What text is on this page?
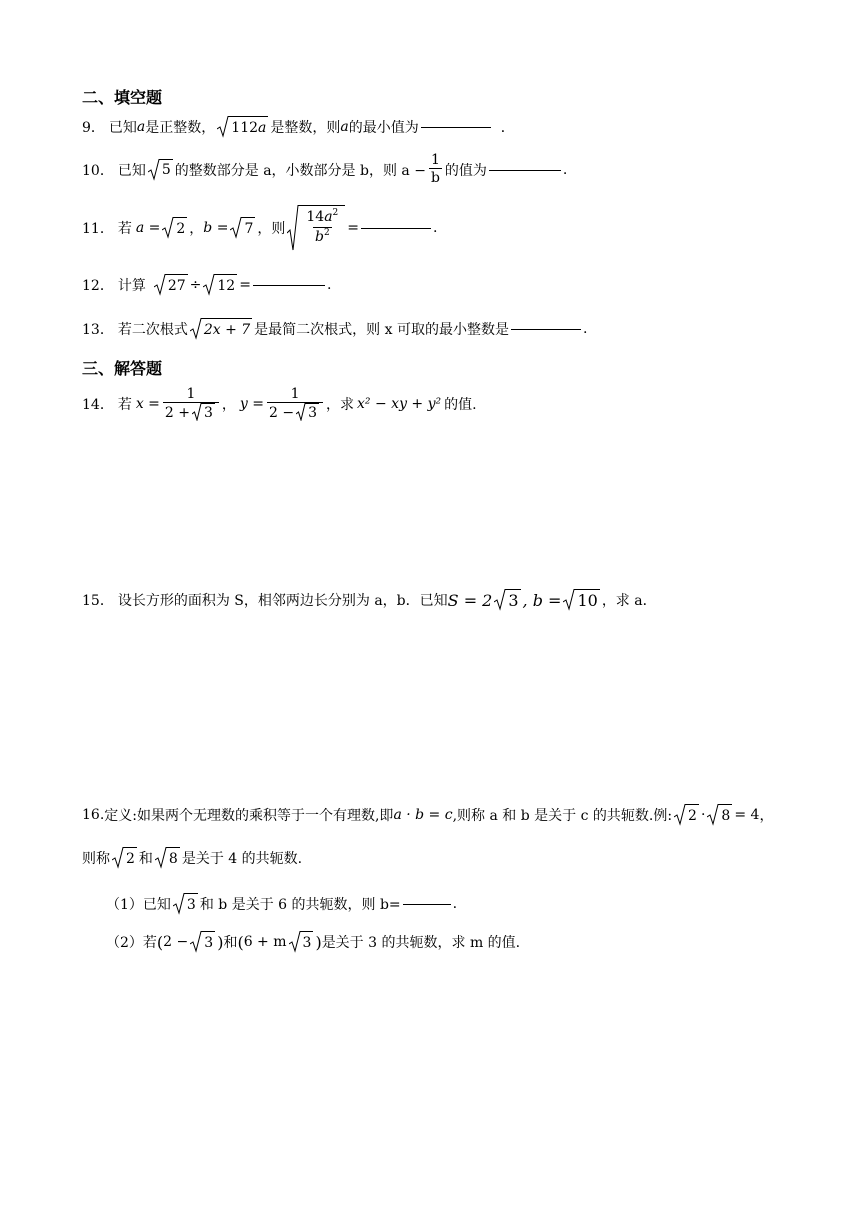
二、填空题
9． 已知 a 是正整数， 112 a 是整数，则 a 的最小值为	．
10． 已知 5 的整数部分是 a，小数部分是 b，则 $a - \frac{1}{b}$ 的值为	.
11． 若 a = 2 ， b = 7 ，则 $\frac{14a^2}{b^2}$ =	.
12． 计算 27 ÷ 12 =	.
13． 若二次根式 2x + 7 是最简二次根式，则 x 可取的最小整数是	.
三、解答题
14． 若 $x = \frac{1}{2 + 3}$ ， $y = \frac{1}{2 - 3}$ ，求 x² − xy + y² 的值.
15． 设长方形的面积为 S，相邻两边长分别为 a，b．已知 S = 2 3 , b = 10 ，求 a．
16. 定义:如果两个无理数的乘积等于一个有理数,即 a · b = c ,则称 a 和 b 是关于 c 的共轭数.例: 2 · 8 = 4 ，
则称 2 和 8 是关于 4 的共轭数.
（1）已知 3 和 b 是关于 6 的共轭数，则 b=	.
（2）若 ( 2 − 3 ) 和 ( 6 + m 3 ) 是关于 3 的共轭数，求 m 的值.
